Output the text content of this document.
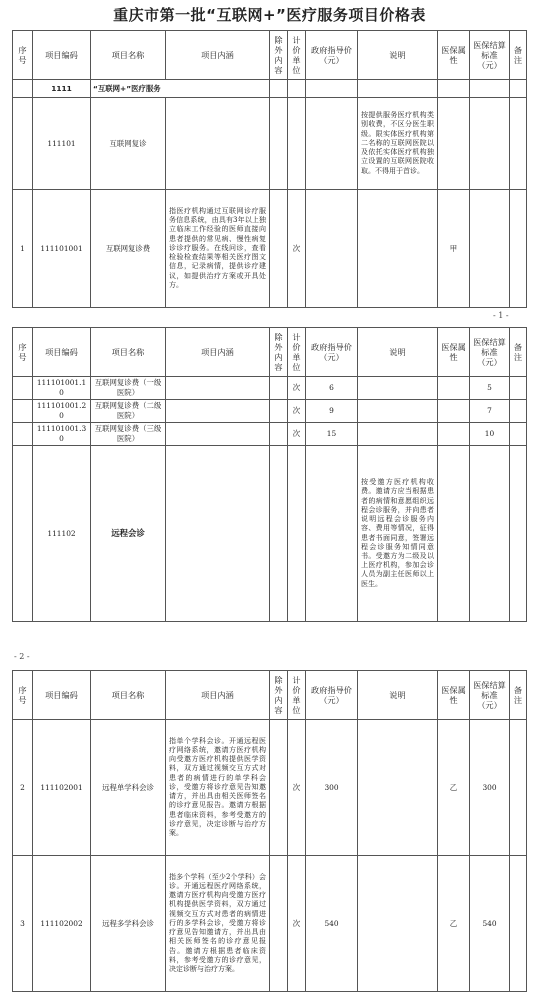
重庆市第一批“互联网+”医疗服务项目价格表
序号	项目编码	项目名称	项目内涵	除外内容	计价单位	政府指导价（元）	说明	医保属性	医保结算标准（元）	备注
	1111	“互联网+”医疗服务								
	111101	互联网复诊					按提供服务医疗机构类别收费，不区分医生职级。限实体医疗机构第二名称的互联网医院以及依托实体医疗机构独立设置的互联网医院收取。不得用于首诊。			
1	111101001	互联网复诊费	指医疗机构通过互联网诊疗服务信息系统，由具有3年以上独立临床工作经验的医师直接向患者提供的常见病、慢性病复诊诊疗服务。在线问诊，查看检验检查结果等相关医疗图文信息，记录病情，提供诊疗建议，如提供治疗方案或开具处方。		次			甲		
- 1 -
序号	项目编码	项目名称	项目内涵	除外内容	计价单位	政府指导价（元）	说明	医保属性	医保结算标准（元）	备注
	111101001.10	互联网复诊费（一级医院）			次	6			5	
	111101001.20	互联网复诊费（二级医院）			次	9			7	
	111101001.30	互联网复诊费（三级医院）			次	15			10	
	111102	远程会诊					按受邀方医疗机构收费。邀请方应当根据患者的病情和意愿组织远程会诊服务，并向患者说明远程会诊服务内容、费用等情况，征得患者书面同意，签署远程会诊服务知情同意书。受邀方为二级及以上医疗机构，参加会诊人员为副主任医师以上医生。			
- 2 -
序号	项目编码	项目名称	项目内涵	除外内容	计价单位	政府指导价（元）	说明	医保属性	医保结算标准（元）	备注
2	111102001	远程单学科会诊	指单个学科会诊。开通远程医疗网络系统，邀请方医疗机构向受邀方医疗机构提供医学资料，双方通过视频交互方式对患者的病情进行的单学科会诊，受邀方将诊疗意见告知邀请方，并出具由相关医师签名的诊疗意见报告。邀请方根据患者临床资料，参考受邀方的诊疗意见，决定诊断与治疗方案。		次	300		乙	300	
3	111102002	远程多学科会诊	指多个学科（至少2个学科）会诊。开通远程医疗网络系统，邀请方医疗机构向受邀方医疗机构提供医学资料，双方通过视频交互方式对患者的病情进行的多学科会诊，受邀方将诊疗意见告知邀请方，并出具由相关医师签名的诊疗意见报告。邀请方根据患者临床资料，参考受邀方的诊疗意见，决定诊断与治疗方案。		次	540		乙	540	
